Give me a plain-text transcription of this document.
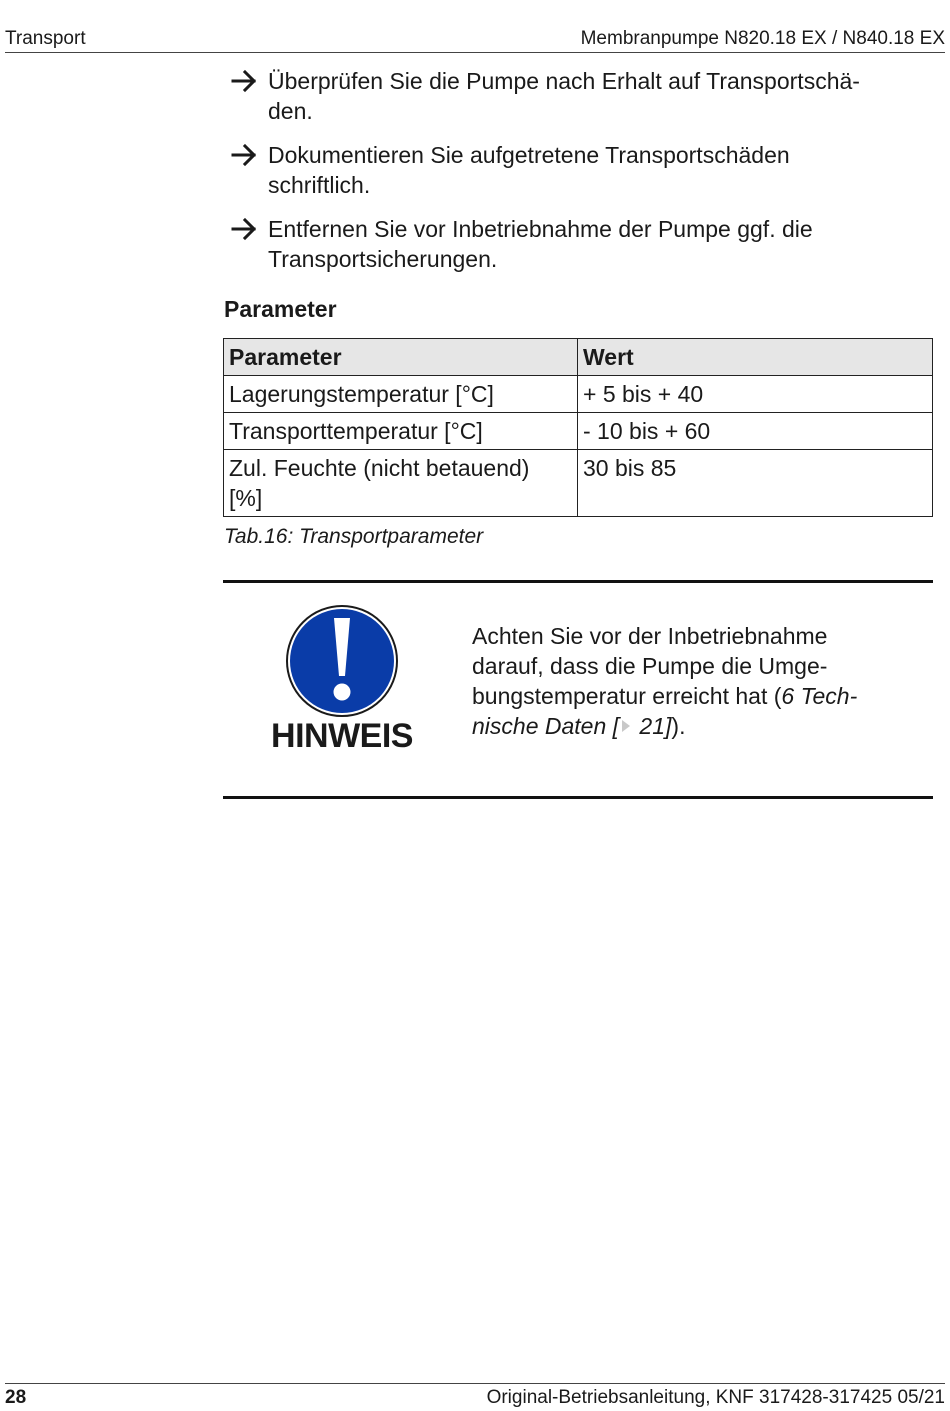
Transport	Membranpumpe N820.18 EX / N840.18 EX
Überprüfen Sie die Pumpe nach Erhalt auf Transportschä-
den.
Dokumentieren Sie aufgetretene Transportschäden
schriftlich.
Entfernen Sie vor Inbetriebnahme der Pumpe ggf. die
Transportsicherungen.
Parameter
Parameter	Wert
Lagerungstemperatur [°C]	+ 5 bis + 40
Transporttemperatur [°C]	- 10 bis + 60
Zul. Feuchte (nicht betauend)
[%]	30 bis 85
Tab.16: Transportparameter
HINWEIS
Achten Sie vor der Inbetriebnahme
darauf, dass die Pumpe die Umge-
bungstemperatur erreicht hat (6 Tech-
nische Daten [ 21]).
28	Original-Betriebsanleitung, KNF 317428-317425 05/21
